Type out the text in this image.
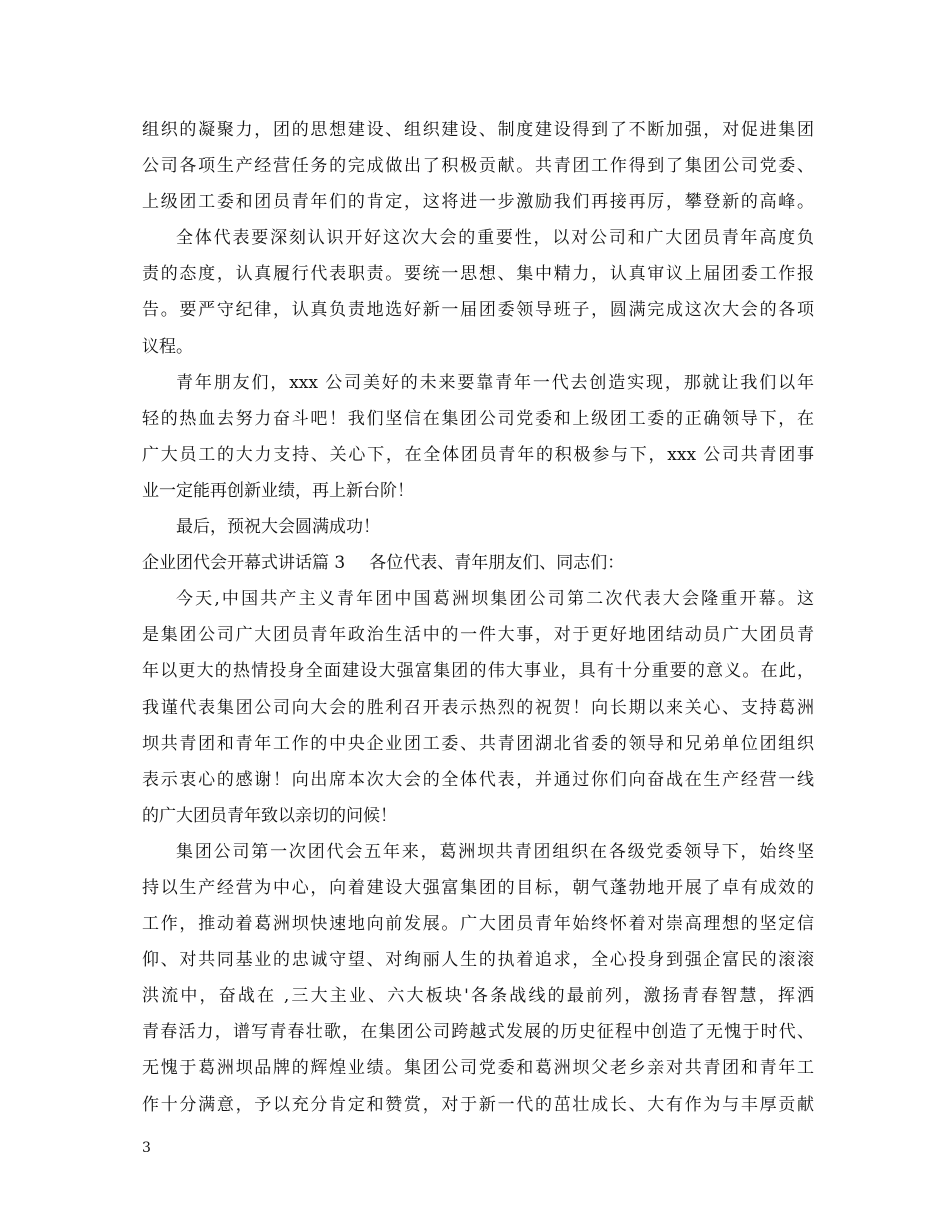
组织的凝聚力，团的思想建设、组织建设、制度建设得到了不断加强，对促进集团
公司各项生产经营任务的完成做出了积极贡献。共青团工作得到了集团公司党委、
上级团工委和团员青年们的肯定，这将进一步激励我们再接再厉，攀登新的高峰。
全体代表要深刻认识开好这次大会的重要性，以对公司和广大团员青年高度负
责的态度，认真履行代表职责。要统一思想、集中精力，认真审议上届团委工作报
告。要严守纪律，认真负责地选好新一届团委领导班子，圆满完成这次大会的各项
议程。
青年朋友们，xxx 公司美好的未来要靠青年一代去创造实现，那就让我们以年
轻的热血去努力奋斗吧！我们坚信在集团公司党委和上级团工委的正确领导下，在
广大员工的大力支持、关心下，在全体团员青年的积极参与下，xxx 公司共青团事
业一定能再创新业绩，再上新台阶！
最后，预祝大会圆满成功！
企业团代会开幕式讲话篇 3 各位代表、青年朋友们、同志们：
今天,中国共产主义青年团中国葛洲坝集团公司第二次代表大会隆重开幕。这
是集团公司广大团员青年政治生活中的一件大事，对于更好地团结动员广大团员青
年以更大的热情投身全面建设大强富集团的伟大事业，具有十分重要的意义。在此，
我谨代表集团公司向大会的胜利召开表示热烈的祝贺！向长期以来关心、支持葛洲
坝共青团和青年工作的中央企业团工委、共青团湖北省委的领导和兄弟单位团组织
表示衷心的感谢！向出席本次大会的全体代表，并通过你们向奋战在生产经营一线
的广大团员青年致以亲切的问候！
集团公司第一次团代会五年来，葛洲坝共青团组织在各级党委领导下，始终坚
持以生产经营为中心，向着建设大强富集团的目标，朝气蓬勃地开展了卓有成效的
工作，推动着葛洲坝快速地向前发展。广大团员青年始终怀着对崇高理想的坚定信
仰、对共同基业的忠诚守望、对绚丽人生的执着追求，全心投身到强企富民的滚滚
洪流中，奋战在 ,三大主业、六大板块'各条战线的最前列，激扬青春智慧，挥洒
青春活力，谱写青春壮歌，在集团公司跨越式发展的历史征程中创造了无愧于时代、
无愧于葛洲坝品牌的辉煌业绩。集团公司党委和葛洲坝父老乡亲对共青团和青年工
作十分满意，予以充分肯定和赞赏，对于新一代的茁壮成长、大有作为与丰厚贡献
3
